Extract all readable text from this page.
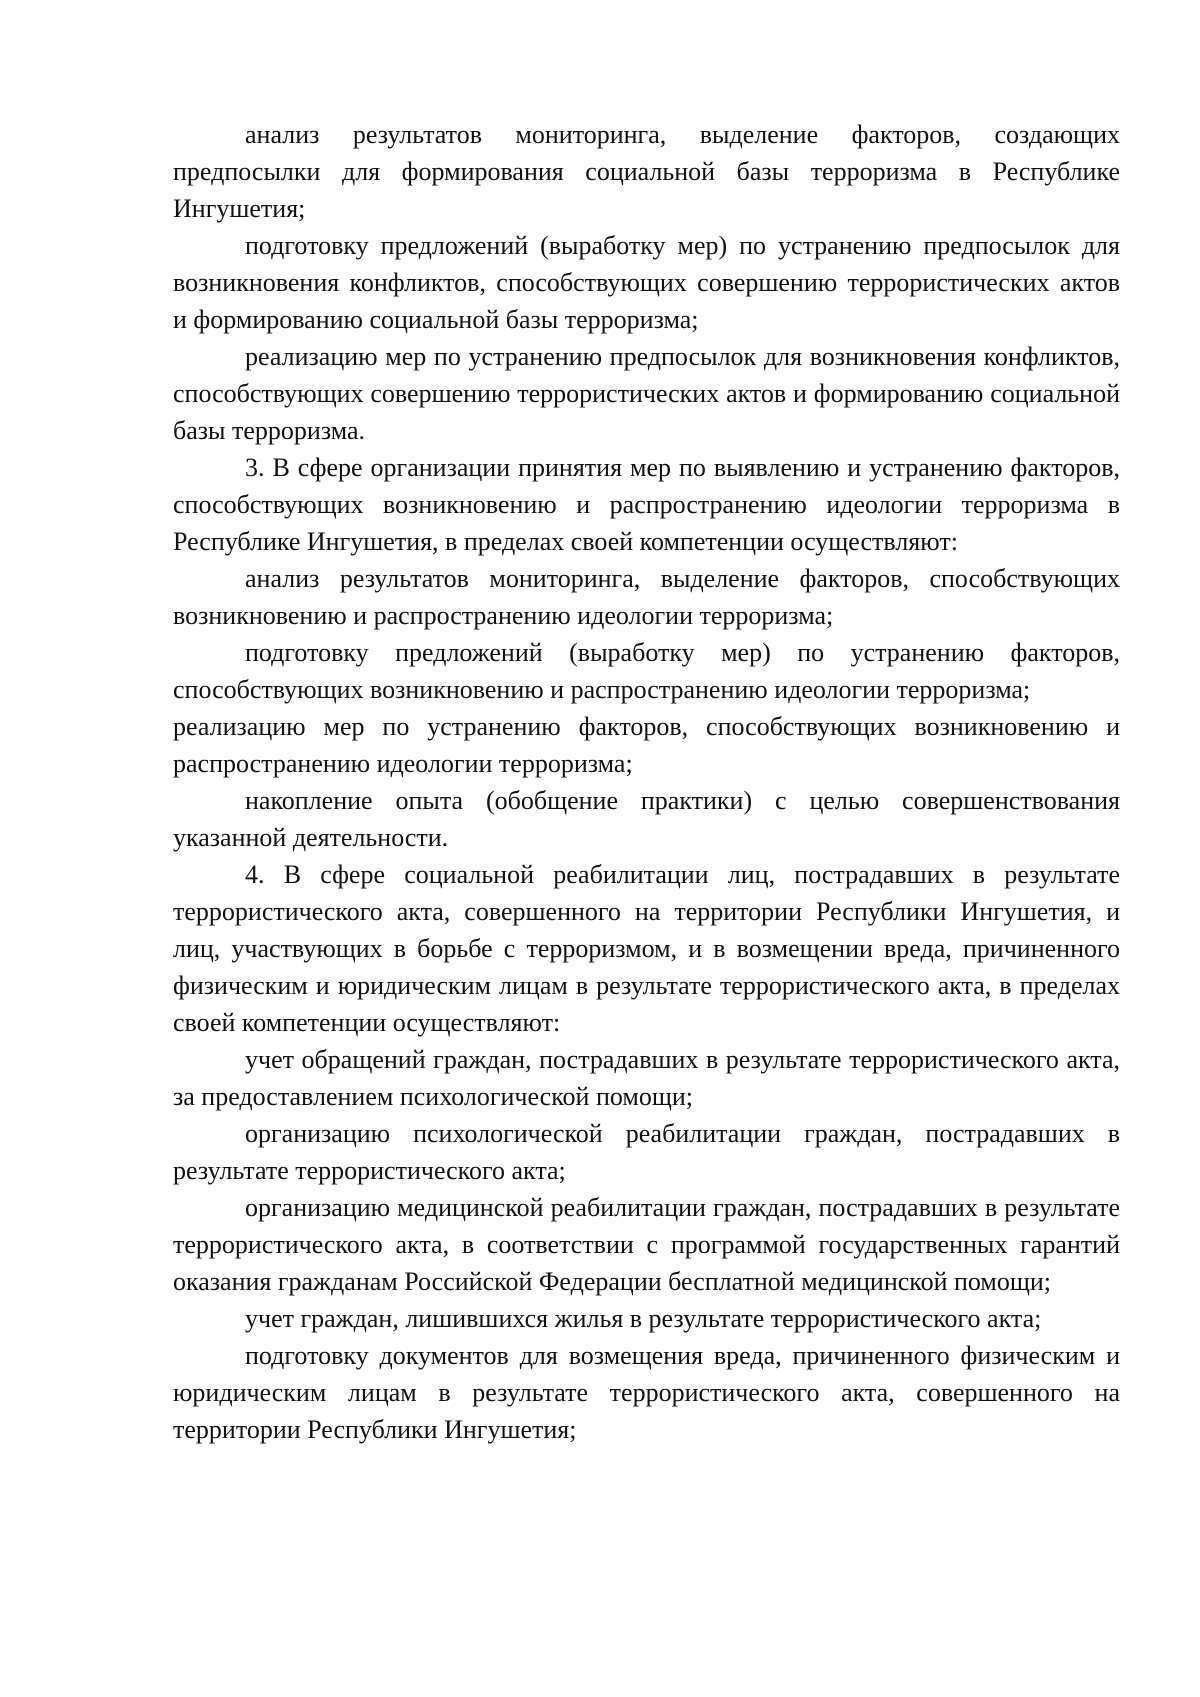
анализ результатов мониторинга, выделение факторов, создающих предпосылки для формирования социальной базы терроризма в Республике Ингушетия;

подготовку предложений (выработку мер) по устранению предпосылок для возникновения конфликтов, способствующих совершению террористических актов и формированию социальной базы терроризма;

реализацию мер по устранению предпосылок для возникновения конфликтов, способствующих совершению террористических актов и формированию социальной базы терроризма.

3. В сфере организации принятия мер по выявлению и устранению факторов, способствующих возникновению и распространению идеологии терроризма в Республике Ингушетия, в пределах своей компетенции осуществляют:

анализ результатов мониторинга, выделение факторов, способствующих возникновению и распространению идеологии терроризма;

подготовку предложений (выработку мер) по устранению факторов, способствующих возникновению и распространению идеологии терроризма;

реализацию мер по устранению факторов, способствующих возникновению и распространению идеологии терроризма;

накопление опыта (обобщение практики) с целью совершенствования указанной деятельности.

4. В сфере социальной реабилитации лиц, пострадавших в результате террористического акта, совершенного на территории Республики Ингушетия, и лиц, участвующих в борьбе с терроризмом, и в возмещении вреда, причиненного физическим и юридическим лицам в результате террористического акта, в пределах своей компетенции осуществляют:

учет обращений граждан, пострадавших в результате террористического акта, за предоставлением психологической помощи;

организацию психологической реабилитации граждан, пострадавших в результате террористического акта;

организацию медицинской реабилитации граждан, пострадавших в результате террористического акта, в соответствии с программой государственных гарантий оказания гражданам Российской Федерации бесплатной медицинской помощи;

учет граждан, лишившихся жилья в результате террористического акта;

подготовку документов для возмещения вреда, причиненного физическим и юридическим лицам в результате террористического акта, совершенного на территории Республики Ингушетия;
